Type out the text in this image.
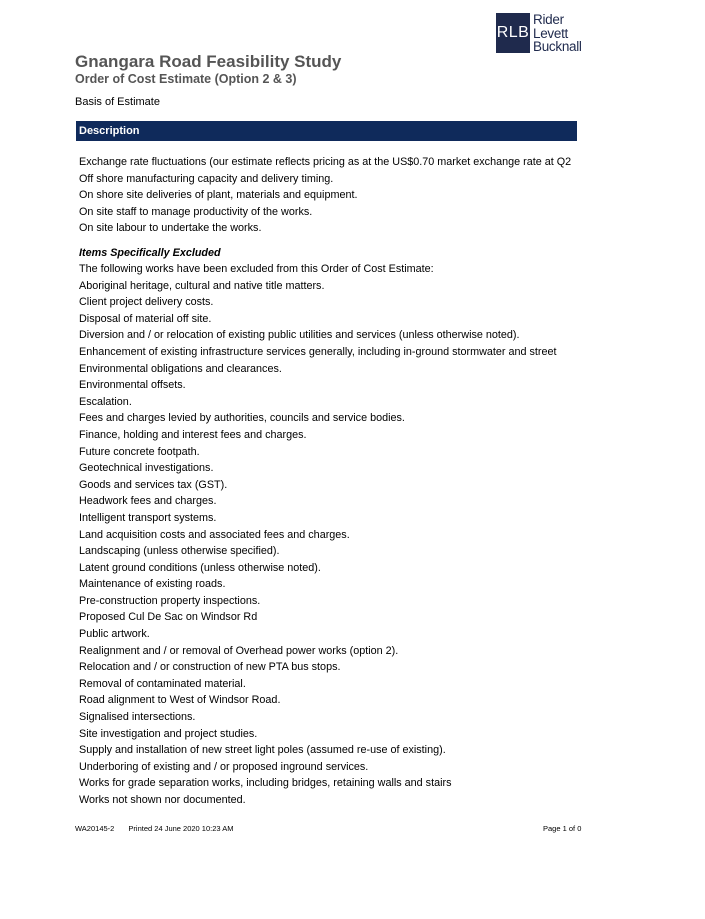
RLB
Rider
Levett
Bucknall
Gnangara Road Feasibility Study
Order of Cost Estimate (Option 2 & 3)

Basis of Estimate

Description
Exchange rate fluctuations (our estimate reflects pricing as at the US$0.70 market exchange rate at Q2
Off shore manufacturing capacity and delivery timing.
On shore site deliveries of plant, materials and equipment.
On site staff to manage productivity of the works.
On site labour to undertake the works.

Items Specifically Excluded

The following works have been excluded from this Order of Cost Estimate:
Aboriginal heritage, cultural and native title matters.
Client project delivery costs.
Disposal of material off site.
Diversion and / or relocation of existing public utilities and services (unless otherwise noted).
Enhancement of existing infrastructure services generally, including in-ground stormwater and street
Environmental obligations and clearances.
Environmental offsets.
Escalation.
Fees and charges levied by authorities, councils and service bodies.
Finance, holding and interest fees and charges.
Future concrete footpath.
Geotechnical investigations.
Goods and services tax (GST).
Headwork fees and charges.
Intelligent transport systems.
Land acquisition costs and associated fees and charges.
Landscaping (unless otherwise specified).
Latent ground conditions (unless otherwise noted).
Maintenance of existing roads.
Pre-construction property inspections.
Proposed Cul De Sac on Windsor Rd
Public artwork.
Realignment and / or removal of Overhead power works (option 2).
Relocation and / or construction of new PTA bus stops.
Removal of contaminated material.
Road alignment to West of Windsor Road.
Signalised intersections.
Site investigation and project studies.
Supply and installation of new street light poles (assumed re-use of existing).
Underboring of existing and / or proposed inground services.
Works for grade separation works, including bridges, retaining walls and stairs
Works not shown nor documented.
WA20145-2 Printed 24 June 2020 10:23 AM	Page 1 of 0
